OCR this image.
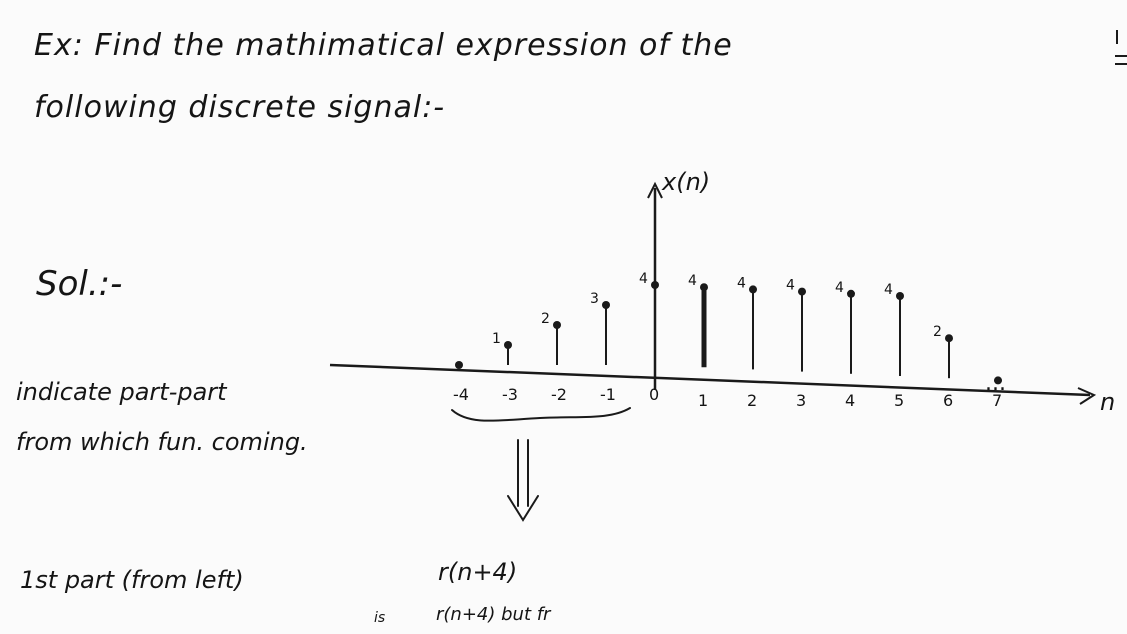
Ex: Find the mathimatical expression of the
following discrete signal:-
Sol.:-
indicate part-part
from which fun. coming.
1st part (from left)
is
r(n+4)
r(n+4) but fr
x(n)
n
-4 -3 -2 -1 0 1 2 3 4 5 6 7
1
2
3
4	4	4	4	4	4
2
...
